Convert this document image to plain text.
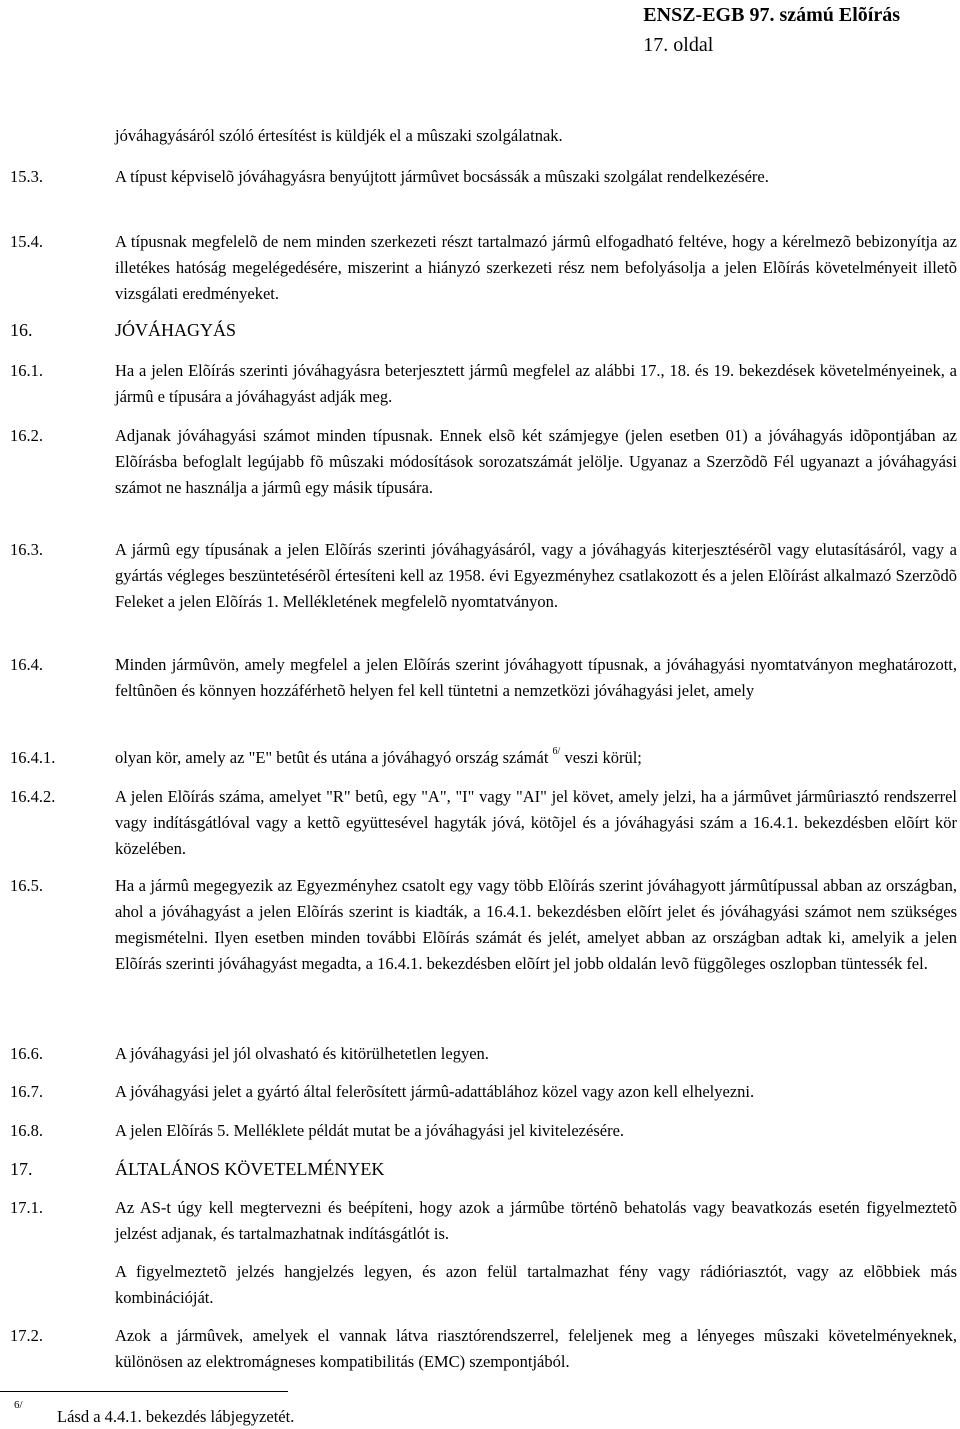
ENSZ-EGB 97. számú Elõírás
17. oldal
jóváhagyásáról szóló értesítést is küldjék el a mûszaki szolgálatnak.
15.3.	A típust képviselõ jóváhagyásra benyújtott jármûvet bocsássák a mûszaki szolgálat rendelkezésére.
15.4.	A típusnak megfelelõ de nem minden szerkezeti részt tartalmazó jármû elfogadható feltéve, hogy a kérelmezõ bebizonyítja az illetékes hatóság megelégedésére, miszerint a hiányzó szerkezeti rész nem befolyásolja a jelen Elõírás követelményeit illetõ vizsgálati eredményeket.
16.	JÓVÁHAGYÁS
16.1.	Ha a jelen Elõírás szerinti jóváhagyásra beterjesztett jármû megfelel az alábbi 17., 18. és 19. bekezdések követelményeinek, a jármû e típusára a jóváhagyást adják meg.
16.2.	Adjanak jóváhagyási számot minden típusnak. Ennek elsõ két számjegye (jelen esetben 01) a jóváhagyás idõpontjában az Elõírásba befoglalt legújabb fõ mûszaki módosítások sorozatszámát jelölje. Ugyanaz a Szerzõdõ Fél ugyanazt a jóváhagyási számot ne használja a jármû egy másik típusára.
16.3.	A jármû egy típusának a jelen Elõírás szerinti jóváhagyásáról, vagy a jóváhagyás kiterjesztésérõl vagy elutasításáról, vagy a gyártás végleges beszüntetésérõl értesíteni kell az 1958. évi Egyezményhez csatlakozott és a jelen Elõírást alkalmazó Szerzõdõ Feleket a jelen Elõírás 1. Mellékletének megfelelõ nyomtatványon.
16.4.	Minden jármûvön, amely megfelel a jelen Elõírás szerint jóváhagyott típusnak, a jóváhagyási nyomtatványon meghatározott, feltûnõen és könnyen hozzáférhetõ helyen fel kell tüntetni a nemzetközi jóváhagyási jelet, amely
16.4.1.	olyan kör, amely az "E" betût és utána a jóváhagyó ország számát $^{6/}$ veszi körül;
16.4.2.	A jelen Elõírás száma, amelyet "R" betû, egy "A", "I" vagy "AI" jel követ, amely jelzi, ha a jármûvet jármûriasztó rendszerrel vagy indításgátlóval vagy a kettõ együttesével hagyták jóvá, kötõjel és a jóváhagyási szám a 16.4.1. bekezdésben elõírt kör közelében.
16.5.	Ha a jármû megegyezik az Egyezményhez csatolt egy vagy több Elõírás szerint jóváhagyott jármûtípussal abban az országban, ahol a jóváhagyást a jelen Elõírás szerint is kiadták, a 16.4.1. bekezdésben elõírt jelet és jóváhagyási számot nem szükséges megismételni. Ilyen esetben minden további Elõírás számát és jelét, amelyet abban az országban adtak ki, amelyik a jelen Elõírás szerinti jóváhagyást megadta, a 16.4.1. bekezdésben elõírt jel jobb oldalán levõ függõleges oszlopban tüntessék fel.
16.6.	A jóváhagyási jel jól olvasható és kitörülhetetlen legyen.
16.7.	A jóváhagyási jelet a gyártó által felerõsített jármû-adattáblához közel vagy azon kell elhelyezni.
16.8.	A jelen Elõírás 5. Melléklete példát mutat be a jóváhagyási jel kivitelezésére.
17.	ÁLTALÁNOS KÖVETELMÉNYEK
17.1.	Az AS-t úgy kell megtervezni és beépíteni, hogy azok a jármûbe történõ behatolás vagy beavatkozás esetén figyelmeztetõ jelzést adjanak, és tartalmazhatnak indításgátlót is.
A figyelmeztetõ jelzés hangjelzés legyen, és azon felül tartalmazhat fény vagy rádióriasztót, vagy az elõbbiek más kombinációját.
17.2.	Azok a jármûvek, amelyek el vannak látva riasztórendszerrel, feleljenek meg a lényeges mûszaki követelményeknek, különösen az elektromágneses kompatibilitás (EMC) szempontjából.
6/
Lásd a 4.4.1. bekezdés lábjegyzetét.
